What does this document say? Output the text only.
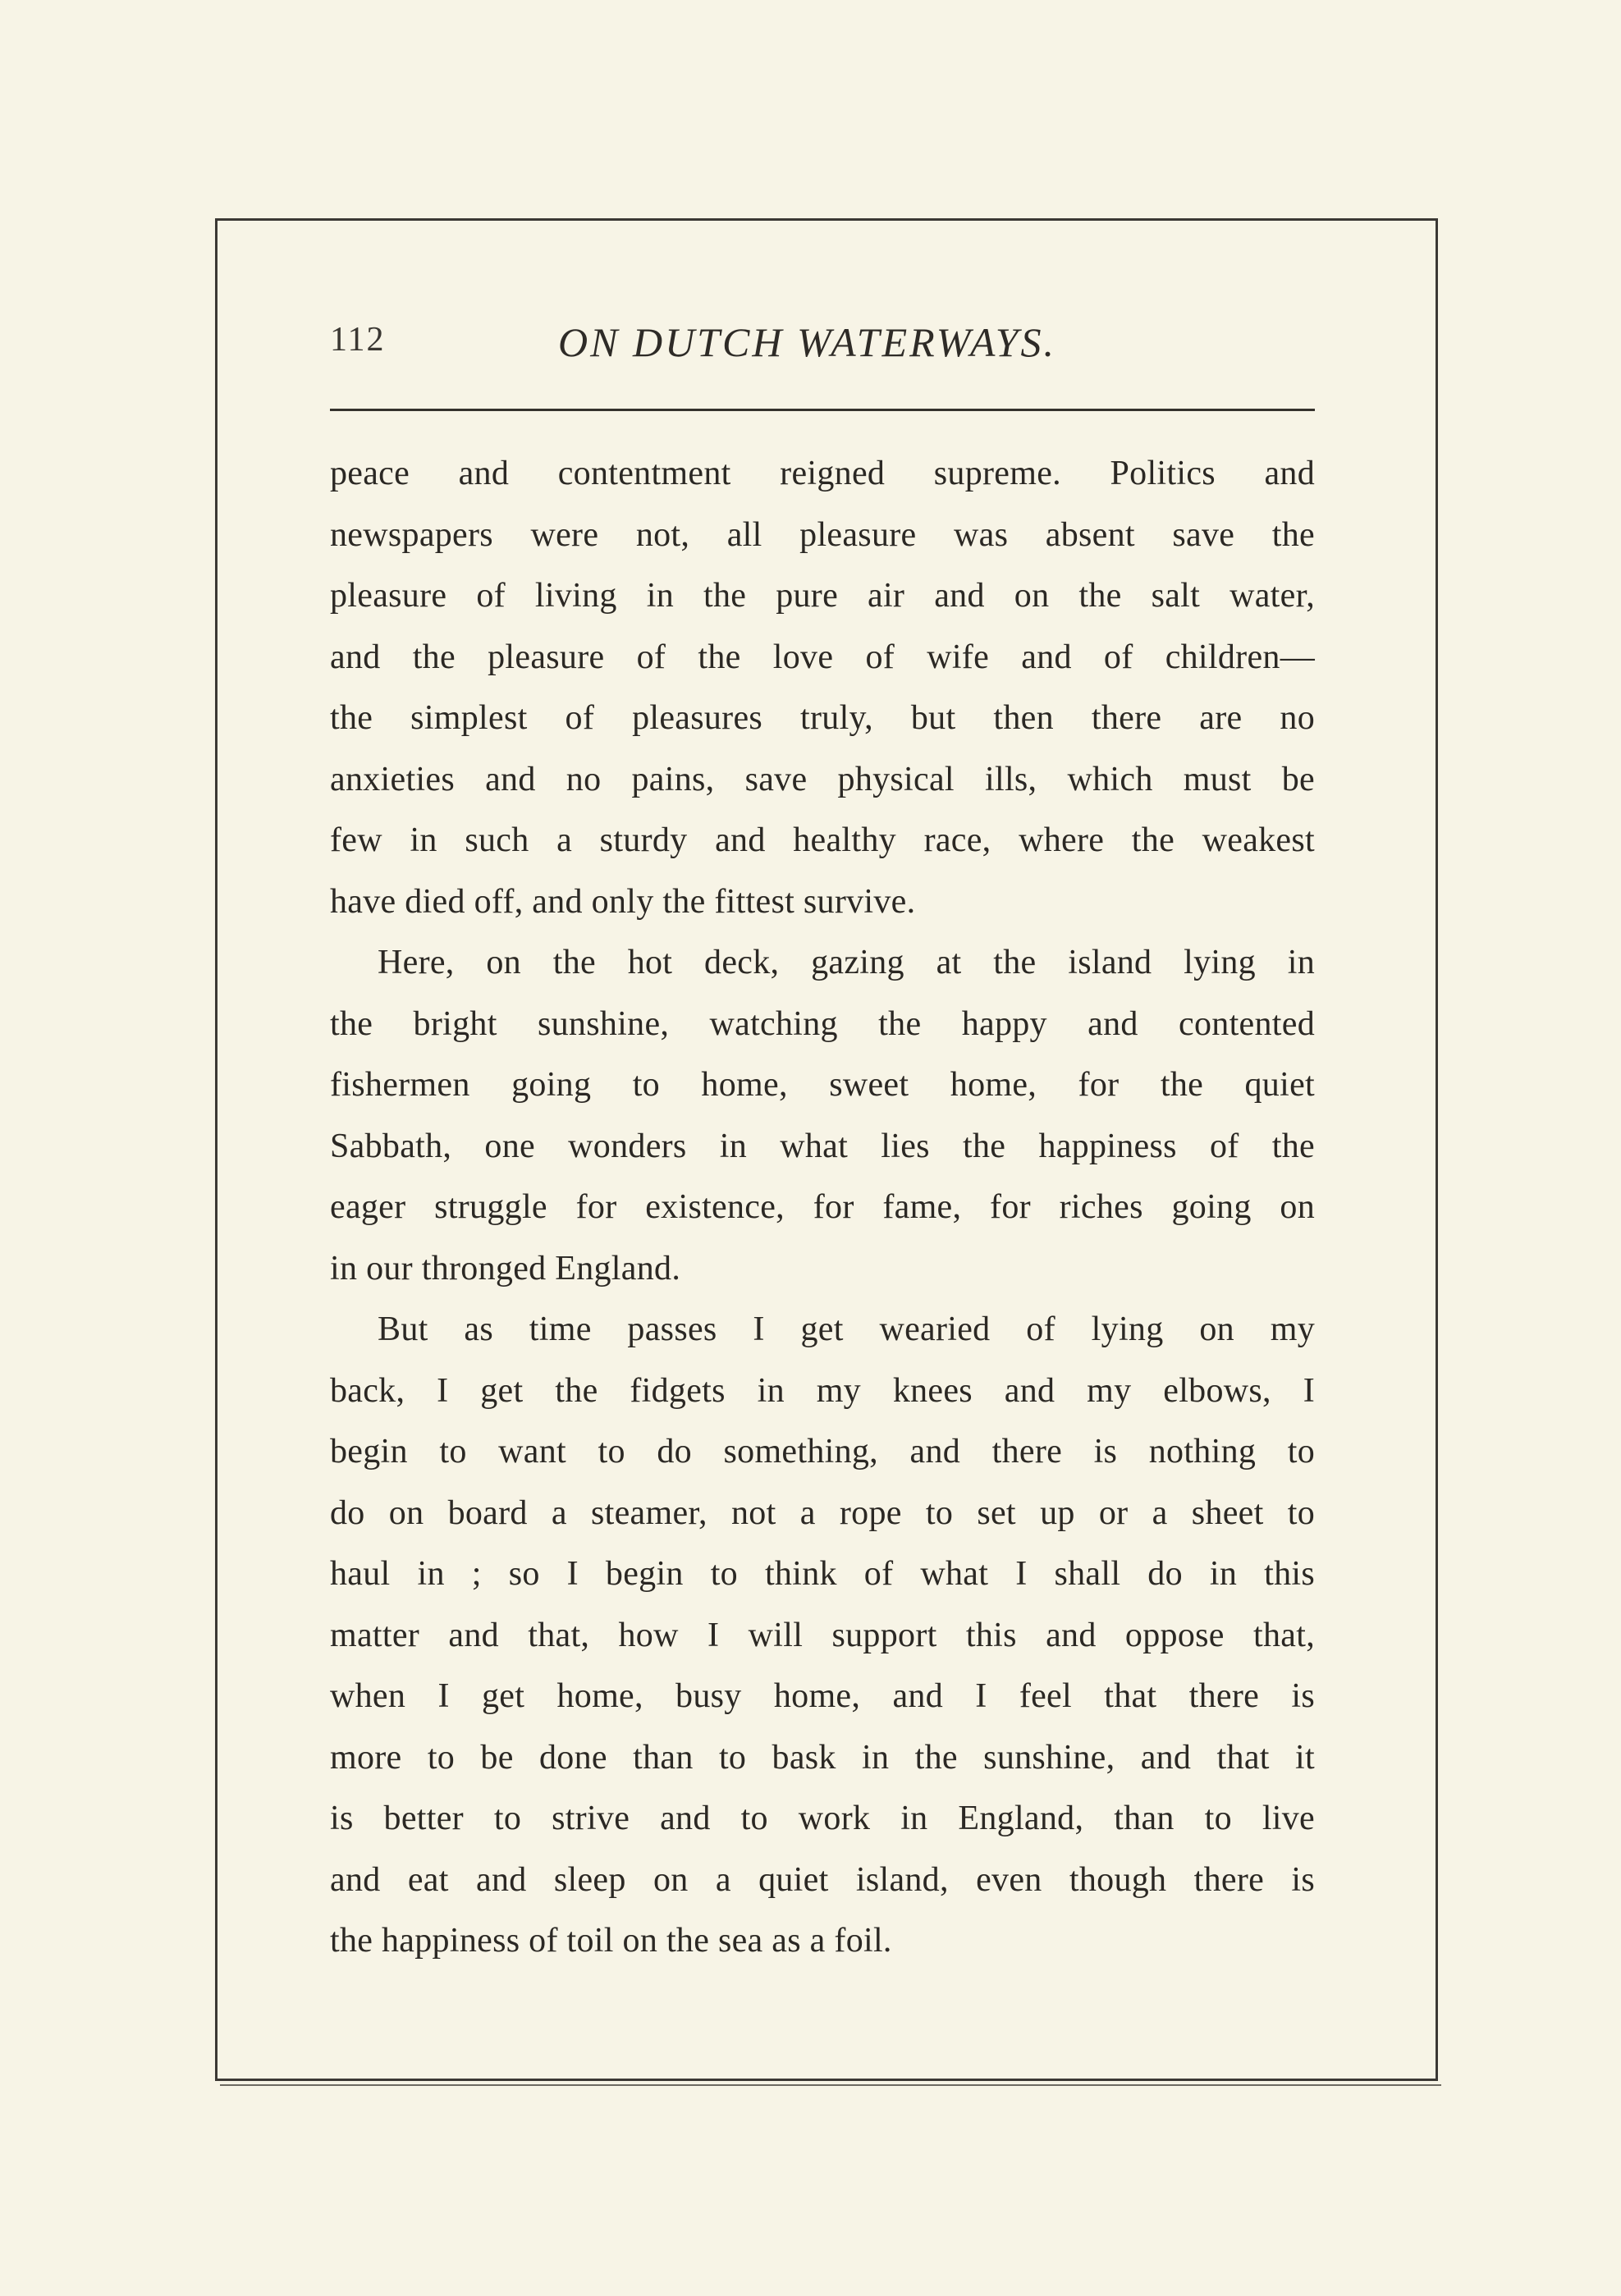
112	ON DUTCH WATERWAYS.
peace and contentment reigned supreme. Politics and
newspapers were not, all pleasure was absent save the
pleasure of living in the pure air and on the salt water,
and the pleasure of the love of wife and of children—
the simplest of pleasures truly, but then there are no
anxieties and no pains, save physical ills, which must be
few in such a sturdy and healthy race, where the weakest
have died off, and only the fittest survive.
Here, on the hot deck, gazing at the island lying in
the bright sunshine, watching the happy and contented
fishermen going to home, sweet home, for the quiet
Sabbath, one wonders in what lies the happiness of the
eager struggle for existence, for fame, for riches going on
in our thronged England.
But as time passes I get wearied of lying on my
back, I get the fidgets in my knees and my elbows, I
begin to want to do something, and there is nothing to
do on board a steamer, not a rope to set up or a sheet to
haul in ; so I begin to think of what I shall do in this
matter and that, how I will support this and oppose that,
when I get home, busy home, and I feel that there is
more to be done than to bask in the sunshine, and that it
is better to strive and to work in England, than to live
and eat and sleep on a quiet island, even though there is
the happiness of toil on the sea as a foil.
